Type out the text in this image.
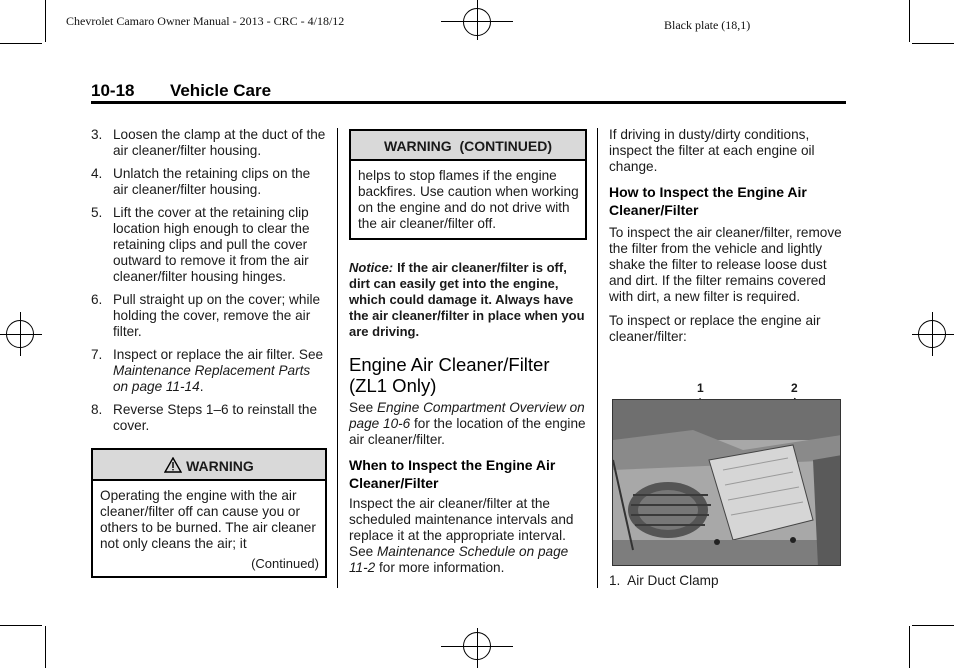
Chevrolet Camaro Owner Manual - 2013 - CRC - 4/18/12	Black plate (18,1)
10-18 Vehicle Care
3. Loosen the clamp at the duct of the air cleaner/filter housing.
4. Unlatch the retaining clips on the air cleaner/filter housing.
5. Lift the cover at the retaining clip location high enough to clear the retaining clips and pull the cover outward to remove it from the air cleaner/filter housing hinges.
6. Pull straight up on the cover; while holding the cover, remove the air filter.
7. Inspect or replace the air filter. See Maintenance Replacement Parts on page 11-14.
8. Reverse Steps 1–6 to reinstall the cover.
WARNING
Operating the engine with the air cleaner/filter off can cause you or others to be burned. The air cleaner not only cleans the air; it
(Continued)
WARNING  (CONTINUED)
helps to stop flames if the engine backfires. Use caution when working on the engine and do not drive with the air cleaner/filter off.
Notice: If the air cleaner/filter is off, dirt can easily get into the engine, which could damage it. Always have the air cleaner/filter in place when you are driving.
Engine Air Cleaner/Filter (ZL1 Only)

See Engine Compartment Overview on page 10-6 for the location of the engine air cleaner/filter.

When to Inspect the Engine Air Cleaner/Filter

Inspect the air cleaner/filter at the scheduled maintenance intervals and replace it at the appropriate interval. See Maintenance Schedule on page 11-2 for more information.

If driving in dusty/dirty conditions, inspect the filter at each engine oil change.

How to Inspect the Engine Air Cleaner/Filter

To inspect the air cleaner/filter, remove the filter from the vehicle and lightly shake the filter to release loose dust and dirt. If the filter remains covered with dirt, a new filter is required.

To inspect or replace the engine air cleaner/filter:

1	2
1.  Air Duct Clamp
